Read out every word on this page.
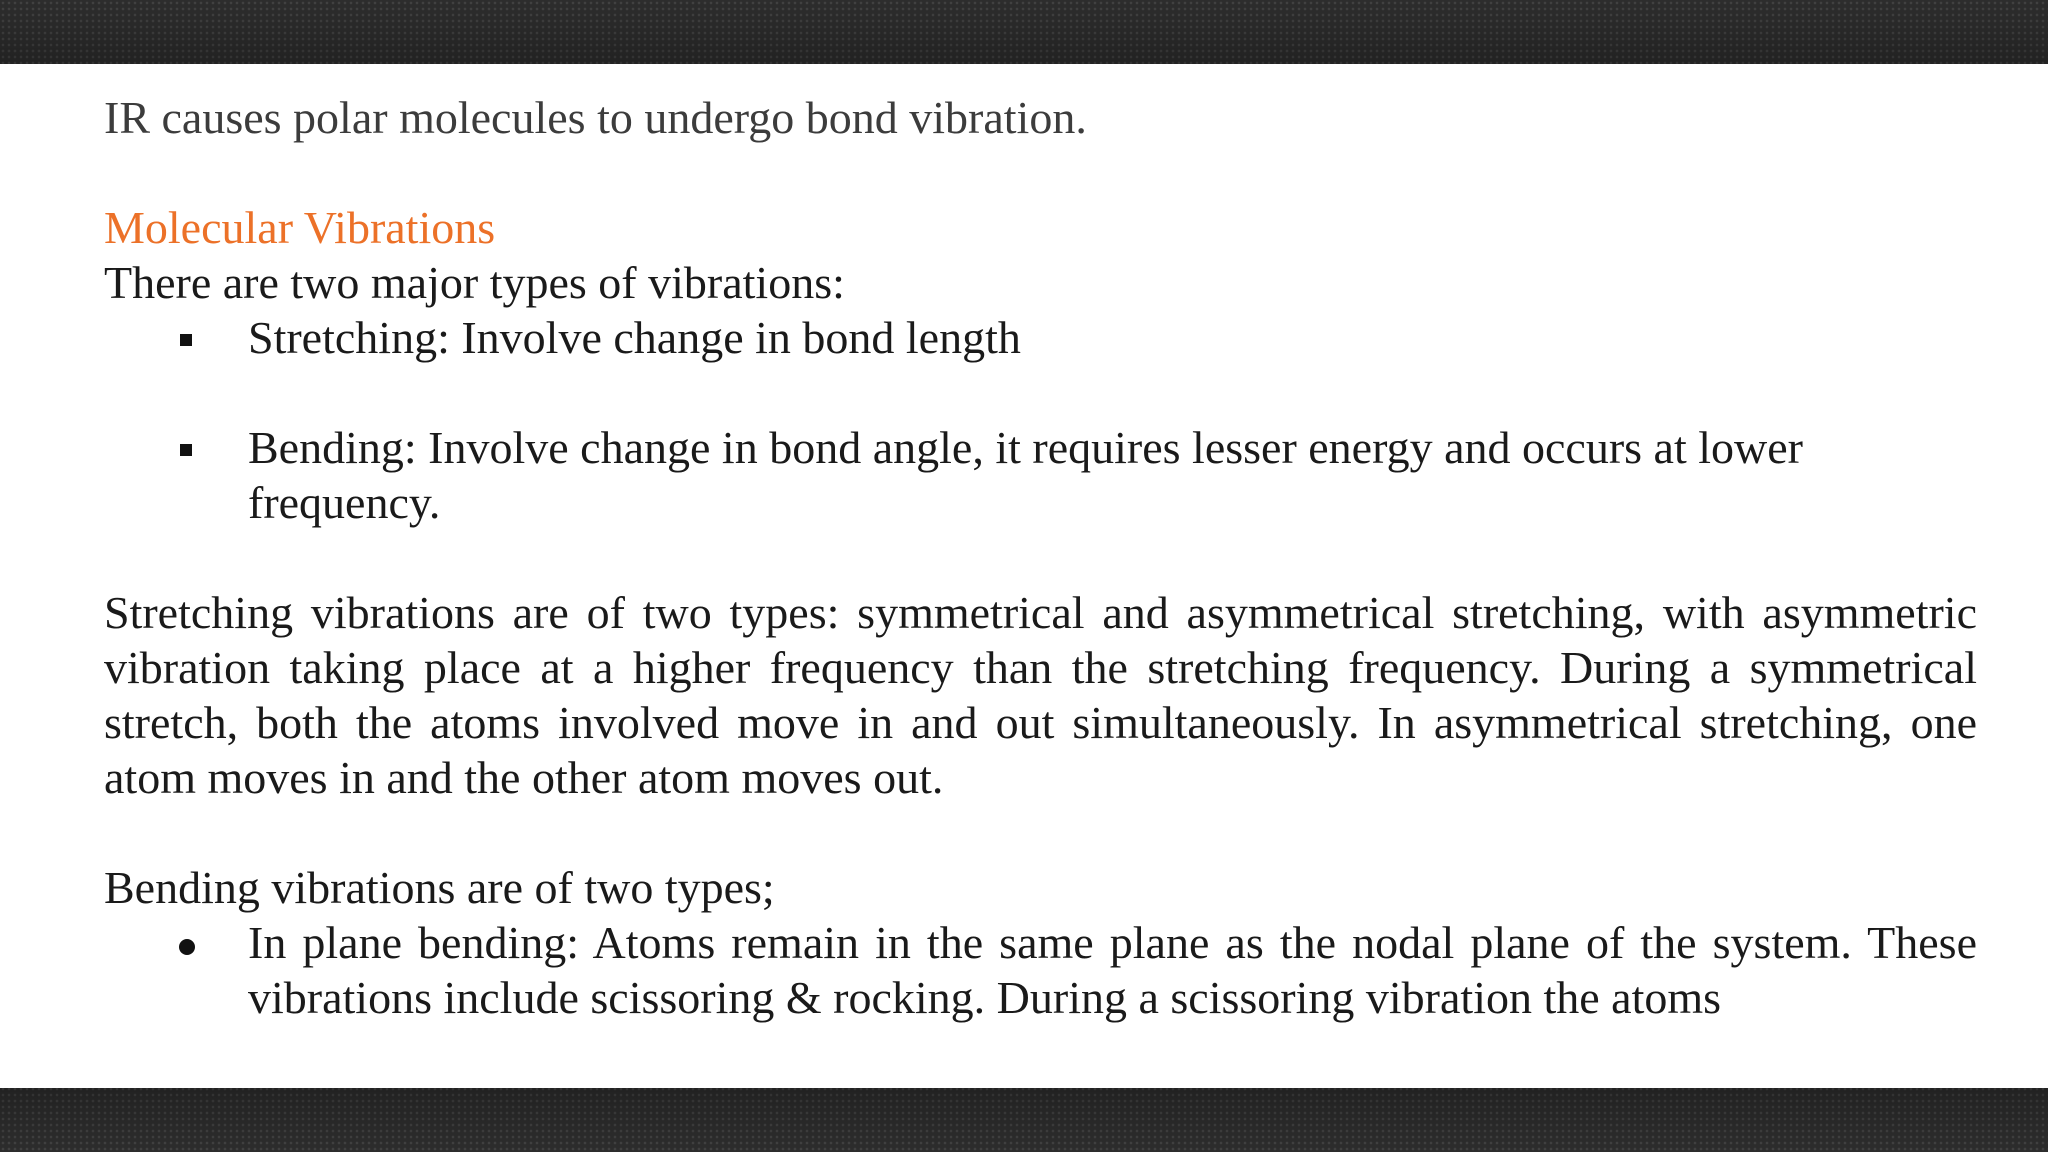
IR causes polar molecules to undergo bond vibration.

Molecular Vibrations

There are two major types of vibrations:

Stretching: Involve change in bond length
Bending: Involve change in bond angle, it requires lesser energy and occurs at lower frequency.

Stretching vibrations are of two types: symmetrical and asymmetrical stretching, with asymmetric vibration taking place at a higher frequency than the stretching frequency. During a symmetrical stretch, both the atoms involved move in and out simultaneously. In asymmetrical stretching, one atom moves in and the other atom moves out.

Bending vibrations are of two types;

In plane bending: Atoms remain in the same plane as the nodal plane of the system. These vibrations include scissoring & rocking. During a scissoring vibration the atoms
